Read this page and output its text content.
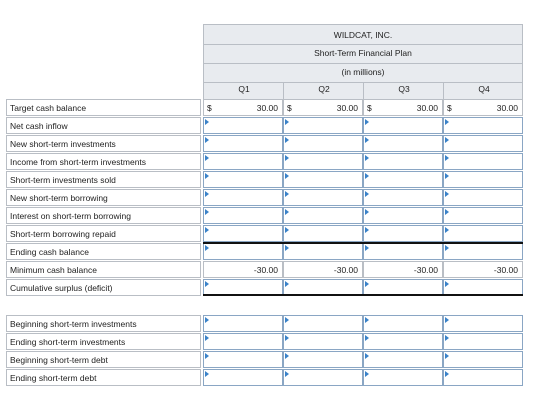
WILDCAT, INC.
Short-Term Financial Plan
(in millions)
Q1	Q2	Q3	Q4
Target cash balance	$	30.00 $	30.00 $	30.00 $	30.00
Net cash inflow
New short-term investments
Income from short-term investments
Short-term investments sold
New short-term borrowing
Interest on short-term borrowing
Short-term borrowing repaid
Ending cash balance
Minimum cash balance	-30.00	-30.00	-30.00	-30.00
Cumulative surplus (deficit)
Beginning short-term investments
Ending short-term investments
Beginning short-term debt
Ending short-term debt
